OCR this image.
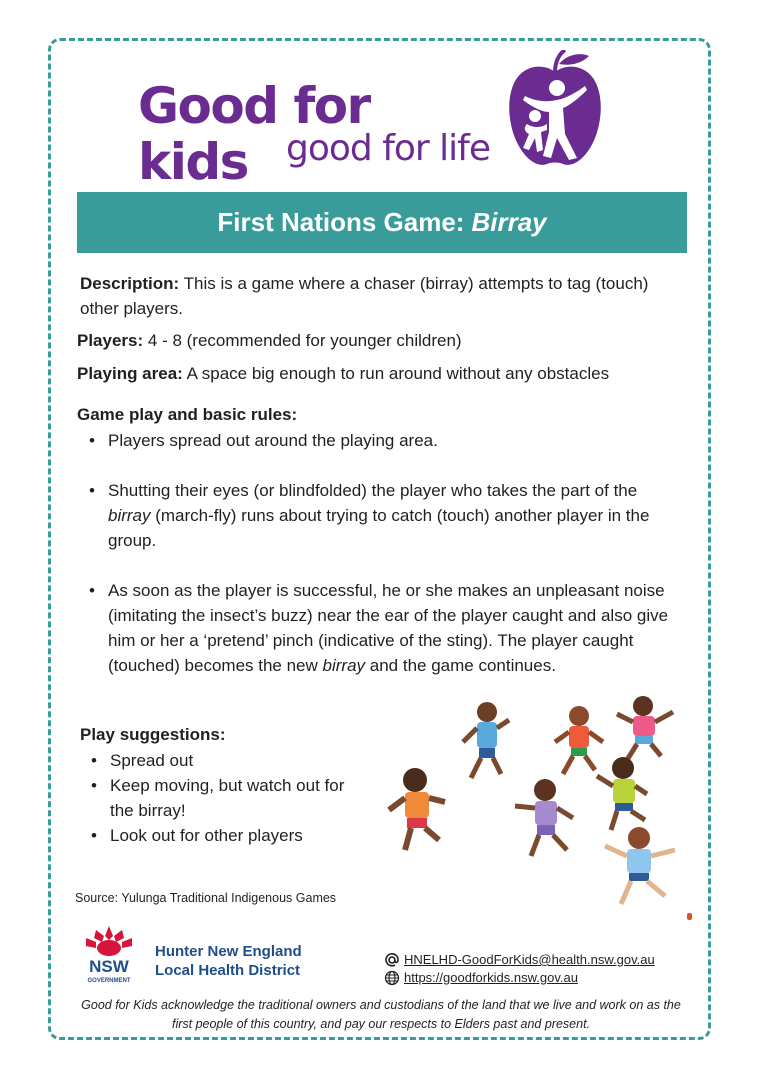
Good for kids	good for life
First Nations Game: Birray
Description: This is a game where a chaser (birray) attempts to tag (touch) other players.
Players: 4 - 8 (recommended for younger children)
Playing area: A space big enough to run around without any obstacles
Game play and basic rules:
• Players spread out around the playing area.
• Shutting their eyes (or blindfolded) the player who takes the part of the birray (march-fly) runs about trying to catch (touch) another player in the group.
• As soon as the player is successful, he or she makes an unpleasant noise (imitating the insect’s buzz) near the ear of the player caught and also give him or her a ‘pretend’ pinch (indicative of the sting). The player caught (touched) becomes the new birray and the game continues.
Play suggestions:
• Spread out
• Keep moving, but watch out for the birray!
• Look out for other players
Source: Yulunga Traditional Indigenous Games
NSW
GOVERNMENT
Hunter New England
Local Health District
HNELHD-GoodForKids@health.nsw.gov.au
https://goodforkids.nsw.gov.au
Good for Kids acknowledge the traditional owners and custodians of the land that we live and work on as the first people of this country, and pay our respects to Elders past and present.
